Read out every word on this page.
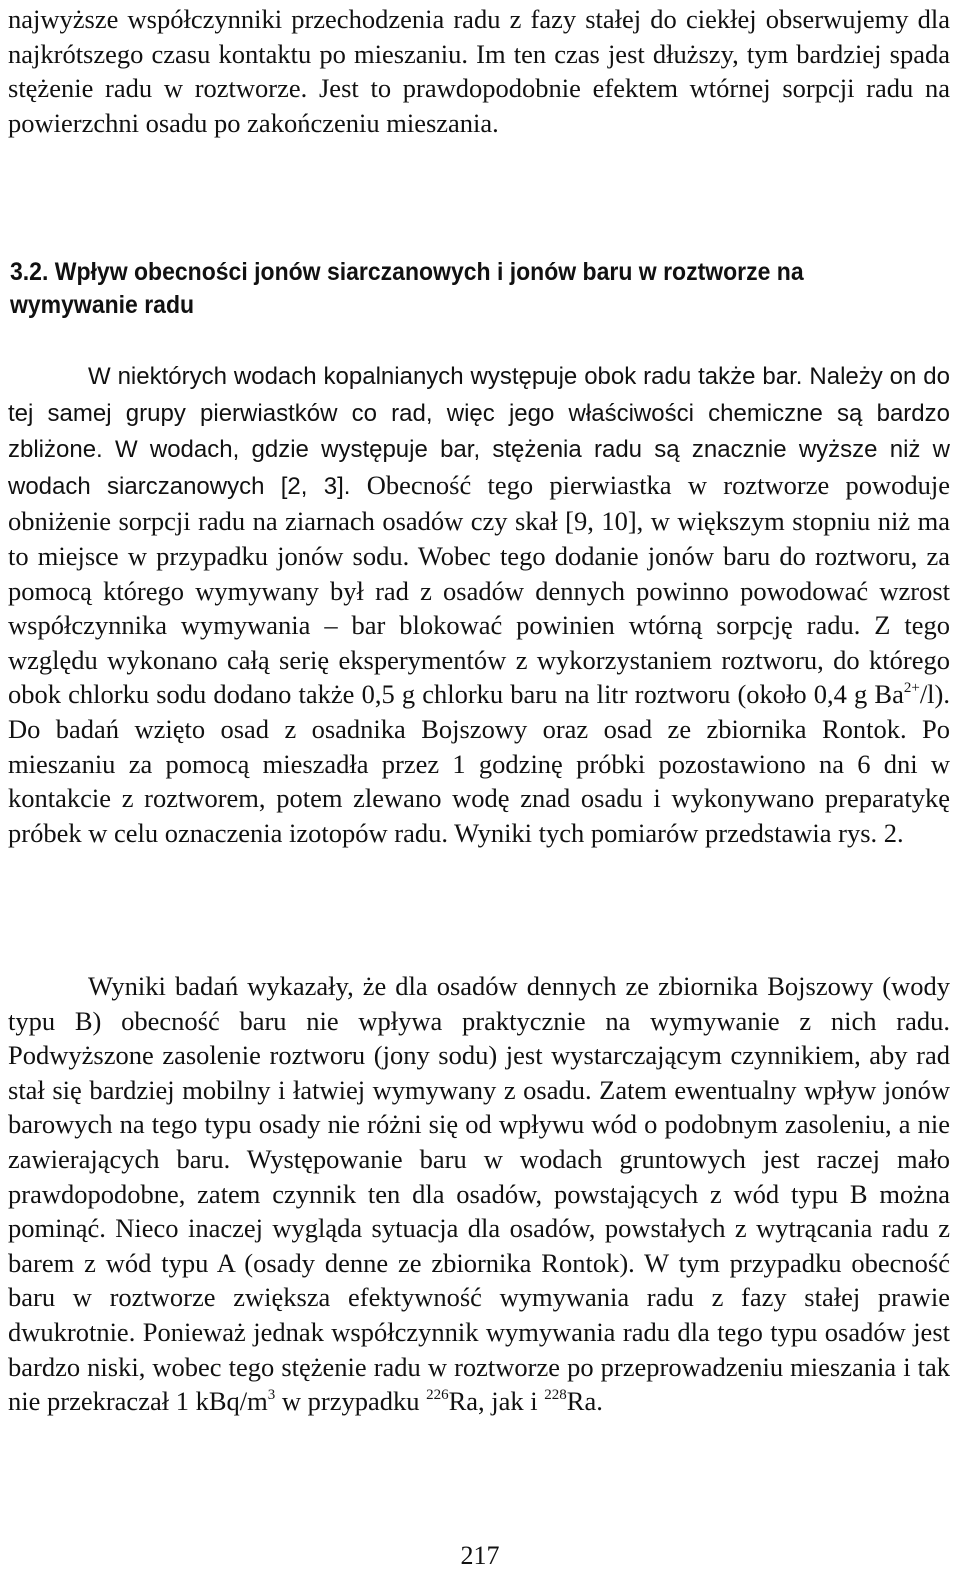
najwyższe współczynniki przechodzenia radu z fazy stałej do ciekłej obserwujemy dla najkrótszego czasu kontaktu po mieszaniu. Im ten czas jest dłuższy, tym bardziej spada stężenie radu w roztworze. Jest to prawdopodobnie efektem wtórnej sorpcji radu na powierzchni osadu po zakończeniu mieszania.

3.2. Wpływ obecności jonów siarczanowych i jonów baru w roztworze na wymywanie radu

W niektórych wodach kopalnianych występuje obok radu także bar. Należy on do tej samej grupy pierwiastków co rad, więc jego właściwości chemiczne są bardzo zbliżone. W wodach, gdzie występuje bar, stężenia radu są znacznie wyższe niż w wodach siarczanowych [2, 3]. Obecność tego pierwiastka w roztworze powoduje obniżenie sorpcji radu na ziarnach osadów czy skał [9, 10], w większym stopniu niż ma to miejsce w przypadku jonów sodu. Wobec tego dodanie jonów baru do roztworu, za pomocą którego wymywany był rad z osadów dennych powinno powodować wzrost współczynnika wymywania – bar blokować powinien wtórną sorpcję radu. Z tego względu wykonano całą serię eksperymentów z wykorzystaniem roztworu, do którego obok chlorku sodu dodano także 0,5 g chlorku baru na litr roztworu (około 0,4 g $Ba^{2+}/l$). Do badań wzięto osad z osadnika Bojszowy oraz osad ze zbiornika Rontok. Po mieszaniu za pomocą mieszadła przez 1 godzinę próbki pozostawiono na 6 dni w kontakcie z roztworem, potem zlewano wodę znad osadu i wykonywano preparatykę próbek w celu oznaczenia izotopów radu. Wyniki tych pomiarów przedstawia rys. 2.

Wyniki badań wykazały, że dla osadów dennych ze zbiornika Bojszowy (wody typu B) obecność baru nie wpływa praktycznie na wymywanie z nich radu. Podwyższone zasolenie roztworu (jony sodu) jest wystarczającym czynnikiem, aby rad stał się bardziej mobilny i łatwiej wymywany z osadu. Zatem ewentualny wpływ jonów barowych na tego typu osady nie różni się od wpływu wód o podobnym zasoleniu, a nie zawierających baru. Występowanie baru w wodach gruntowych jest raczej mało prawdopodobne, zatem czynnik ten dla osadów, powstających z wód typu B można pominąć. Nieco inaczej wygląda sytuacja dla osadów, powstałych z wytrącania radu z barem z wód typu A (osady denne ze zbiornika Rontok). W tym przypadku obecność baru w roztworze zwiększa efektywność wymywania radu z fazy stałej prawie dwukrotnie. Ponieważ jednak współczynnik wymywania radu dla tego typu osadów jest bardzo niski, wobec tego stężenie radu w roztworze po przeprowadzeniu mieszania i tak nie przekraczał 1 kBq/$m^3$ w przypadku $^{226}$Ra, jak i $^{228}$Ra.

217
